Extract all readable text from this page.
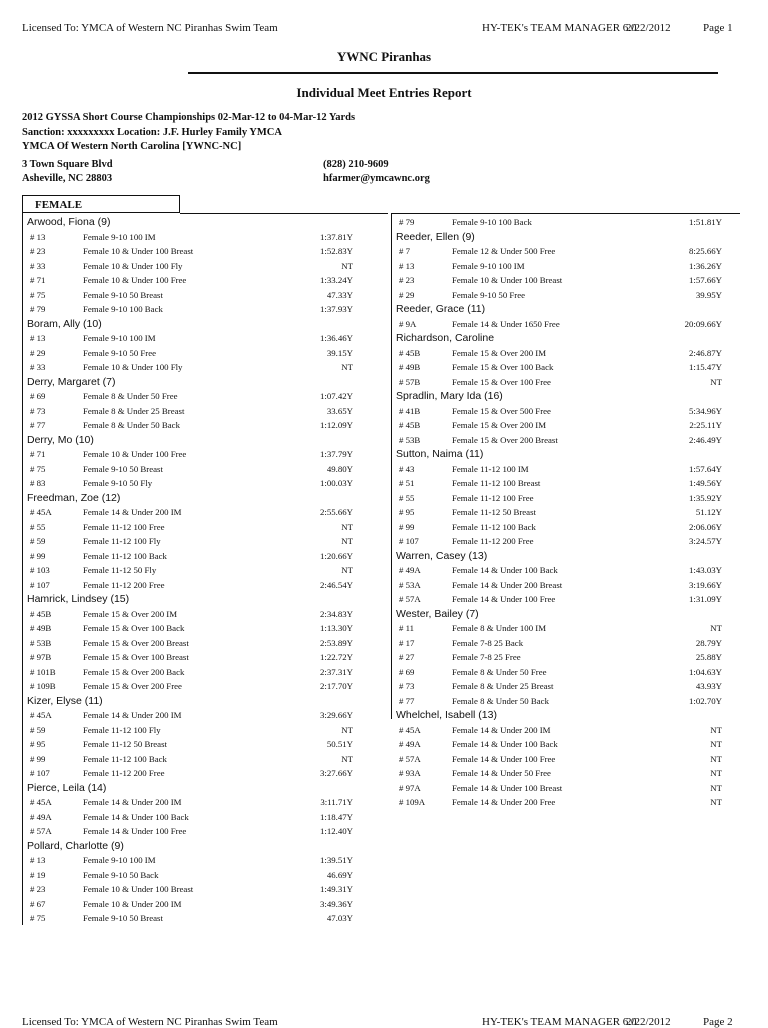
Licensed To: YMCA of Western NC Piranhas Swim Team	HY-TEK's TEAM MANAGER 6.0
2/22/2012	Page 1
YWNC Piranhas
Individual Meet Entries Report
2012 GYSSA Short Course Championships 02-Mar-12 to 04-Mar-12 Yards
Sanction: xxxxxxxxx Location: J.F. Hurley Family YMCA
YMCA Of Western North Carolina [YWNC-NC]
3 Town Square Blvd
Asheville, NC 28803
(828) 210-9609
hfarmer@ymcawnc.org
FEMALE
Arwood, Fiona (9)
# 13	Female 9-10 100 IM	1:37.81Y
# 23	Female 10 & Under 100 Breast	1:52.83Y
# 33	Female 10 & Under 100 Fly	NT
# 71	Female 10 & Under 100 Free	1:33.24Y
# 75	Female 9-10 50 Breast	47.33Y
# 79	Female 9-10 100 Back	1:37.93Y
Boram, Ally (10)
# 13	Female 9-10 100 IM	1:36.46Y
# 29	Female 9-10 50 Free	39.15Y
# 33	Female 10 & Under 100 Fly	NT
Derry, Margaret (7)
# 69	Female 8 & Under 50 Free	1:07.42Y
# 73	Female 8 & Under 25 Breast	33.65Y
# 77	Female 8 & Under 50 Back	1:12.09Y
Derry, Mo (10)
# 71	Female 10 & Under 100 Free	1:37.79Y
# 75	Female 9-10 50 Breast	49.80Y
# 83	Female 9-10 50 Fly	1:00.03Y
Freedman, Zoe (12)
# 45A	Female 14 & Under 200 IM	2:55.66Y
# 55	Female 11-12 100 Free	NT
# 59	Female 11-12 100 Fly	NT
# 99	Female 11-12 100 Back	1:20.66Y
# 103	Female 11-12 50 Fly	NT
# 107	Female 11-12 200 Free	2:46.54Y
Hamrick, Lindsey (15)
# 45B	Female 15 & Over 200 IM	2:34.83Y
# 49B	Female 15 & Over 100 Back	1:13.30Y
# 53B	Female 15 & Over 200 Breast	2:53.89Y
# 97B	Female 15 & Over 100 Breast	1:22.72Y
# 101B	Female 15 & Over 200 Back	2:37.31Y
# 109B	Female 15 & Over 200 Free	2:17.70Y
Kizer, Elyse (11)
# 45A	Female 14 & Under 200 IM	3:29.66Y
# 59	Female 11-12 100 Fly	NT
# 95	Female 11-12 50 Breast	50.51Y
# 99	Female 11-12 100 Back	NT
# 107	Female 11-12 200 Free	3:27.66Y
Pierce, Leila (14)
# 45A	Female 14 & Under 200 IM	3:11.71Y
# 49A	Female 14 & Under 100 Back	1:18.47Y
# 57A	Female 14 & Under 100 Free	1:12.40Y
Pollard, Charlotte (9)
# 13	Female 9-10 100 IM	1:39.51Y
# 19	Female 9-10 50 Back	46.69Y
# 23	Female 10 & Under 100 Breast	1:49.31Y
# 67	Female 10 & Under 200 IM	3:49.36Y
# 75	Female 9-10 50 Breast	47.03Y
# 79	Female 9-10 100 Back	1:51.81Y
Reeder, Ellen (9)
# 7	Female 12 & Under 500 Free	8:25.66Y
# 13	Female 9-10 100 IM	1:36.26Y
# 23	Female 10 & Under 100 Breast	1:57.66Y
# 29	Female 9-10 50 Free	39.95Y
Reeder, Grace (11)
# 9A	Female 14 & Under 1650 Free	20:09.66Y
Richardson, Caroline
# 45B	Female 15 & Over 200 IM	2:46.87Y
# 49B	Female 15 & Over 100 Back	1:15.47Y
# 57B	Female 15 & Over 100 Free	NT
Spradlin, Mary Ida (16)
# 41B	Female 15 & Over 500 Free	5:34.96Y
# 45B	Female 15 & Over 200 IM	2:25.11Y
# 53B	Female 15 & Over 200 Breast	2:46.49Y
Sutton, Naima (11)
# 43	Female 11-12 100 IM	1:57.64Y
# 51	Female 11-12 100 Breast	1:49.56Y
# 55	Female 11-12 100 Free	1:35.92Y
# 95	Female 11-12 50 Breast	51.12Y
# 99	Female 11-12 100 Back	2:06.06Y
# 107	Female 11-12 200 Free	3:24.57Y
Warren, Casey (13)
# 49A	Female 14 & Under 100 Back	1:43.03Y
# 53A	Female 14 & Under 200 Breast	3:19.66Y
# 57A	Female 14 & Under 100 Free	1:31.09Y
Wester, Bailey (7)
# 11	Female 8 & Under 100 IM	NT
# 17	Female 7-8 25 Back	28.79Y
# 27	Female 7-8 25 Free	25.88Y
# 69	Female 8 & Under 50 Free	1:04.63Y
# 73	Female 8 & Under 25 Breast	43.93Y
# 77	Female 8 & Under 50 Back	1:02.70Y
Whelchel, Isabell (13)
# 45A	Female 14 & Under 200 IM	NT
# 49A	Female 14 & Under 100 Back	NT
# 57A	Female 14 & Under 100 Free	NT
# 93A	Female 14 & Under 50 Free	NT
# 97A	Female 14 & Under 100 Breast	NT
# 109A	Female 14 & Under 200 Free	NT
Licensed To: YMCA of Western NC Piranhas Swim Team	HY-TEK's TEAM MANAGER 6.0
2/22/2012	Page 2
